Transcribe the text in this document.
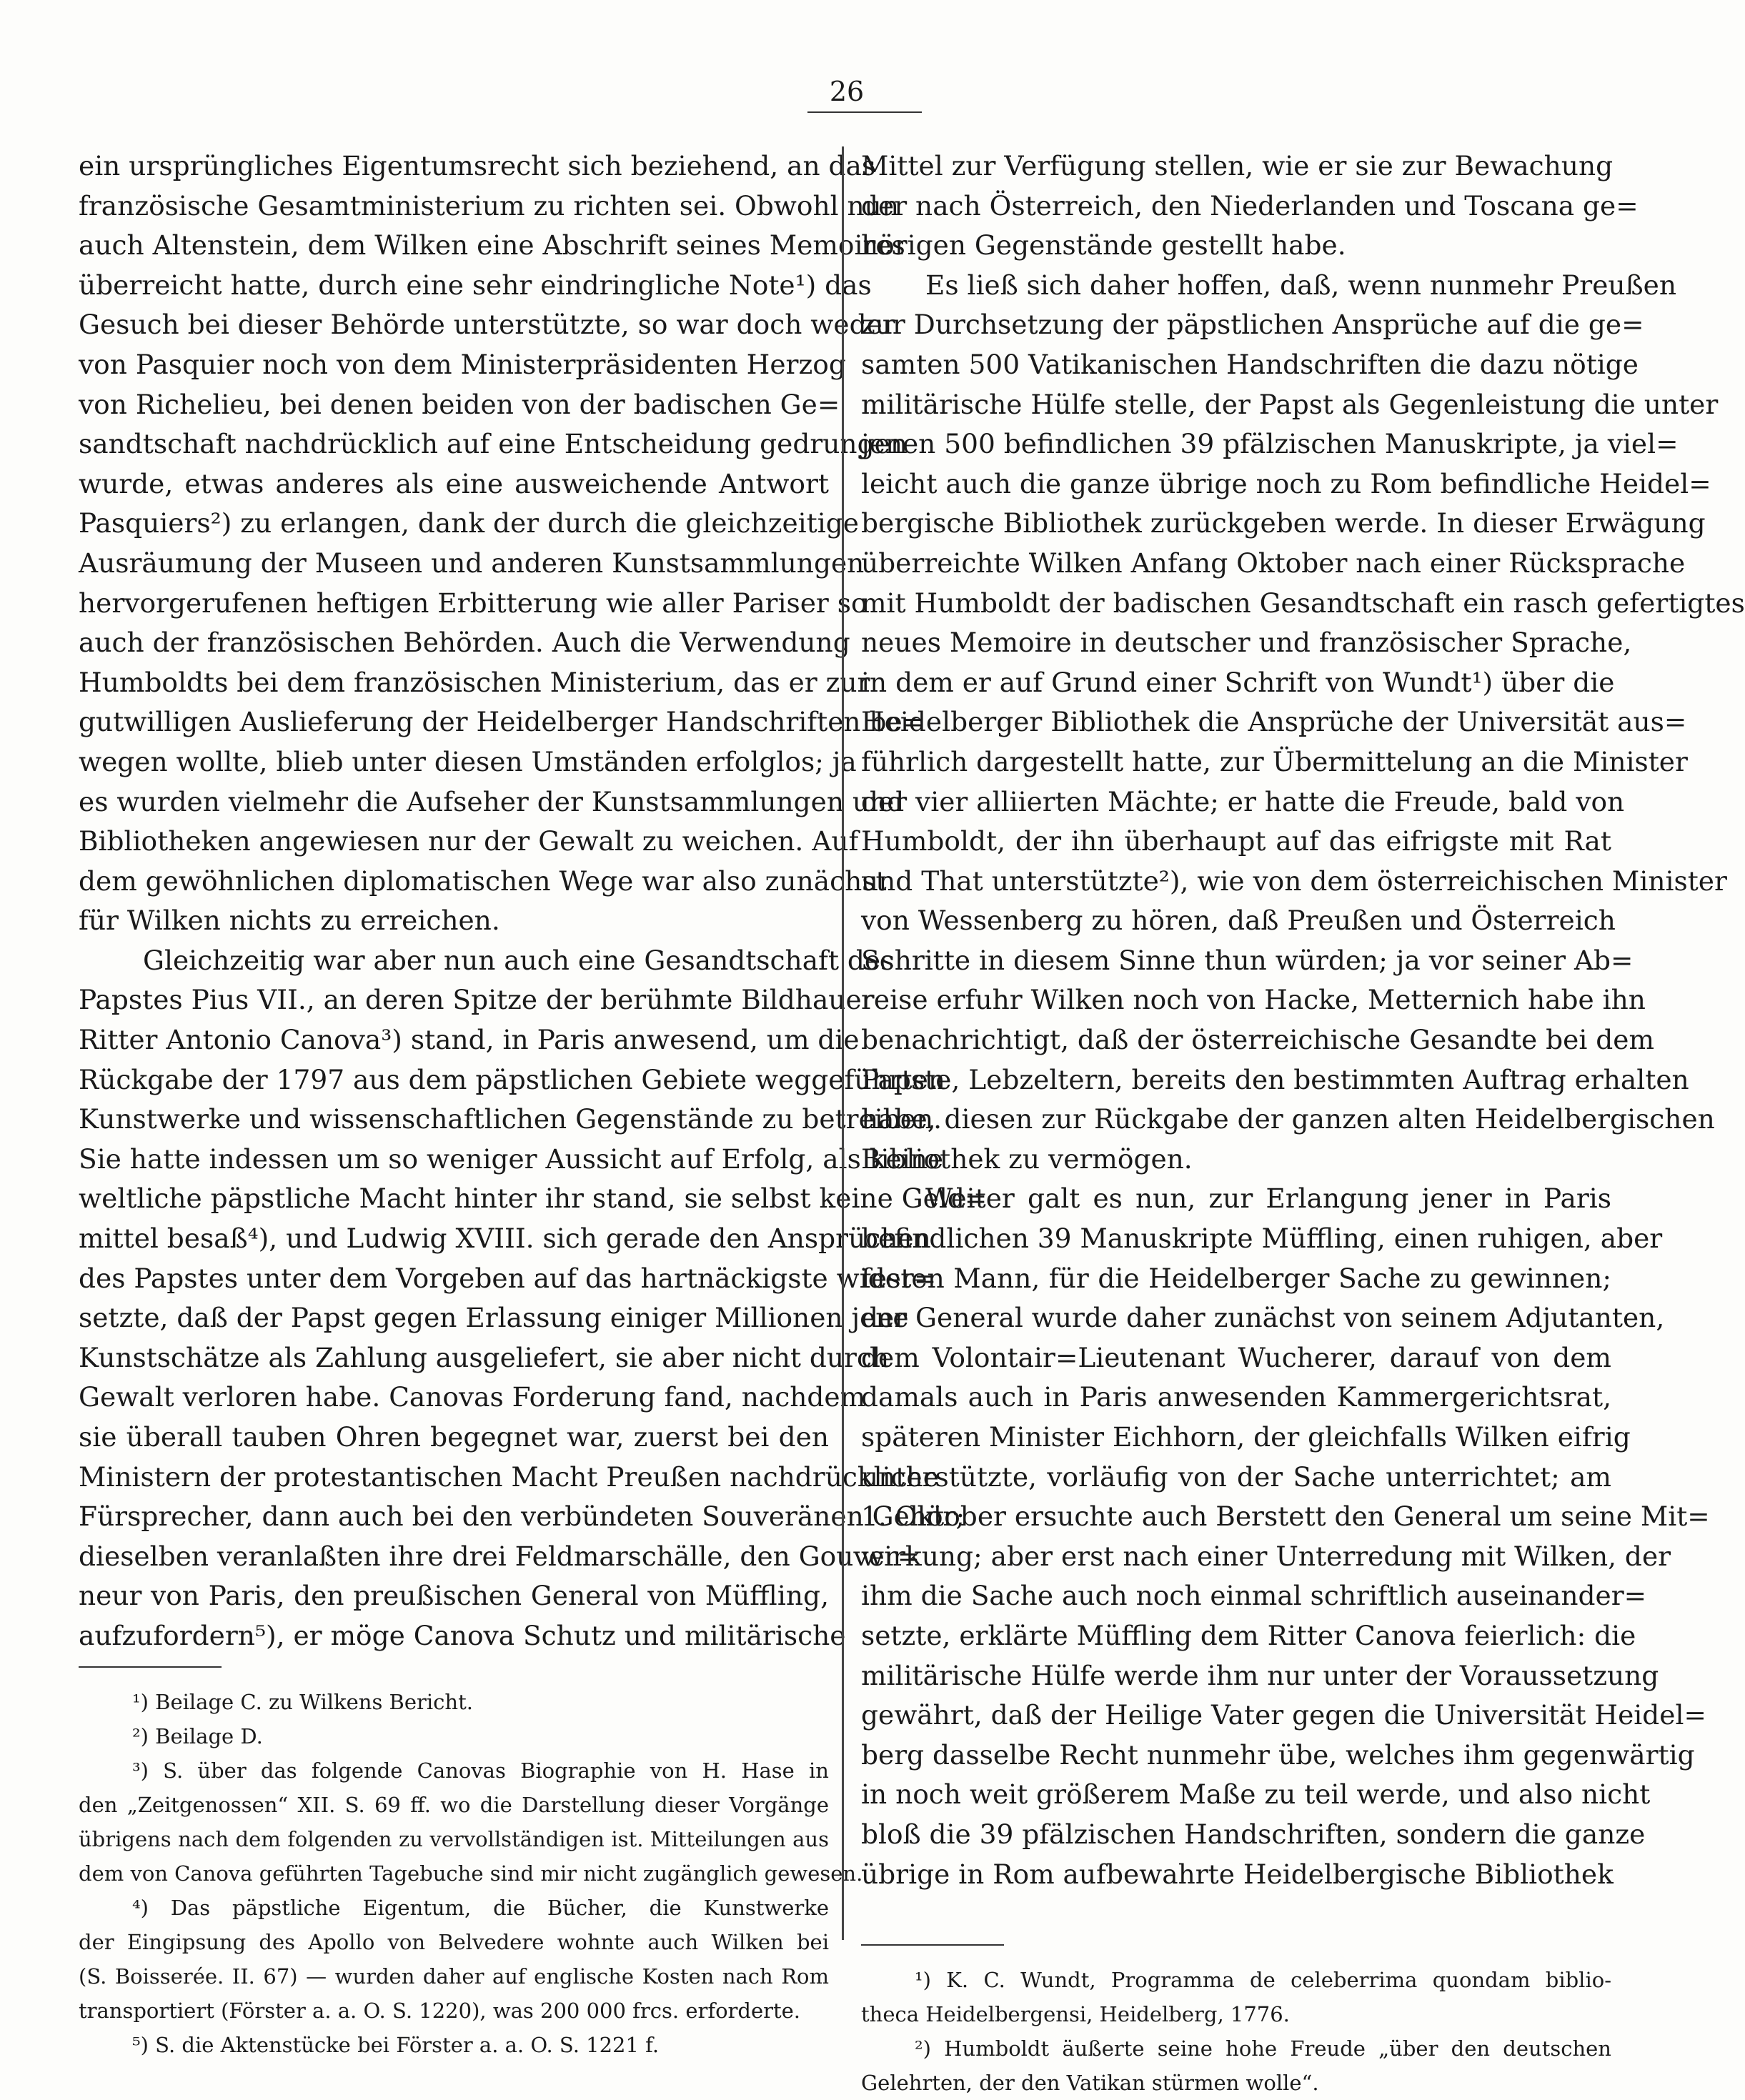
26
ein ursprüngliches Eigentumsrecht sich beziehend, an das
französische Gesamtministerium zu richten sei. Obwohl nun
auch Altenstein, dem Wilken eine Abschrift seines Memoires
überreicht hatte, durch eine sehr eindringliche Note¹) das
Gesuch bei dieser Behörde unterstützte, so war doch weder
von Pasquier noch von dem Ministerpräsidenten Herzog
von Richelieu, bei denen beiden von der badischen Ge=
sandtschaft nachdrücklich auf eine Entscheidung gedrungen
wurde, etwas anderes als eine ausweichende Antwort
Pasquiers²) zu erlangen, dank der durch die gleichzeitige
Ausräumung der Museen und anderen Kunstsammlungen
hervorgerufenen heftigen Erbitterung wie aller Pariser so
auch der französischen Behörden. Auch die Verwendung
Humboldts bei dem französischen Ministerium, das er zur
gutwilligen Auslieferung der Heidelberger Handschriften be=
wegen wollte, blieb unter diesen Umständen erfolglos; ja
es wurden vielmehr die Aufseher der Kunstsammlungen und
Bibliotheken angewiesen nur der Gewalt zu weichen. Auf
dem gewöhnlichen diplomatischen Wege war also zunächst
für Wilken nichts zu erreichen.
Gleichzeitig war aber nun auch eine Gesandtschaft des
Papstes Pius VII., an deren Spitze der berühmte Bildhauer
Ritter Antonio Canova³) stand, in Paris anwesend, um die
Rückgabe der 1797 aus dem päpstlichen Gebiete weggeführten
Kunstwerke und wissenschaftlichen Gegenstände zu betreiben.
Sie hatte indessen um so weniger Aussicht auf Erfolg, als keine
weltliche päpstliche Macht hinter ihr stand, sie selbst keine Geld=
mittel besaß⁴), und Ludwig XVIII. sich gerade den Ansprüchen
des Papstes unter dem Vorgeben auf das hartnäckigste wider=
setzte, daß der Papst gegen Erlassung einiger Millionen jene
Kunstschätze als Zahlung ausgeliefert, sie aber nicht durch
Gewalt verloren habe. Canovas Forderung fand, nachdem
sie überall tauben Ohren begegnet war, zuerst bei den
Ministern der protestantischen Macht Preußen nachdrückliche
Fürsprecher, dann auch bei den verbündeten Souveränen Gehör;
dieselben veranlaßten ihre drei Feldmarschälle, den Gouver=
neur von Paris, den preußischen General von Müffling,
aufzufordern⁵), er möge Canova Schutz und militärische
¹) Beilage C. zu Wilkens Bericht.
²) Beilage D.
³) S. über das folgende Canovas Biographie von H. Hase in
den „Zeitgenossen“ XII. S. 69 ff. wo die Darstellung dieser Vorgänge
übrigens nach dem folgenden zu vervollständigen ist. Mitteilungen aus
dem von Canova geführten Tagebuche sind mir nicht zugänglich gewesen.
⁴) Das päpstliche Eigentum, die Bücher, die Kunstwerke
der Eingipsung des Apollo von Belvedere wohnte auch Wilken bei
(S. Boisserée. II. 67) — wurden daher auf englische Kosten nach Rom
transportiert (Förster a. a. O. S. 1220), was 200 000 frcs. erforderte.
⁵) S. die Aktenstücke bei Förster a. a. O. S. 1221 f.
Mittel zur Verfügung stellen, wie er sie zur Bewachung
der nach Österreich, den Niederlanden und Toscana ge=
hörigen Gegenstände gestellt habe.
Es ließ sich daher hoffen, daß, wenn nunmehr Preußen
zur Durchsetzung der päpstlichen Ansprüche auf die ge=
samten 500 Vatikanischen Handschriften die dazu nötige
militärische Hülfe stelle, der Papst als Gegenleistung die unter
jenen 500 befindlichen 39 pfälzischen Manuskripte, ja viel=
leicht auch die ganze übrige noch zu Rom befindliche Heidel=
bergische Bibliothek zurückgeben werde. In dieser Erwägung
überreichte Wilken Anfang Oktober nach einer Rücksprache
mit Humboldt der badischen Gesandtschaft ein rasch gefertigtes
neues Memoire in deutscher und französischer Sprache,
in dem er auf Grund einer Schrift von Wundt¹) über die
Heidelberger Bibliothek die Ansprüche der Universität aus=
führlich dargestellt hatte, zur Übermittelung an die Minister
der vier alliierten Mächte; er hatte die Freude, bald von
Humboldt, der ihn überhaupt auf das eifrigste mit Rat
und That unterstützte²), wie von dem österreichischen Minister
von Wessenberg zu hören, daß Preußen und Österreich
Schritte in diesem Sinne thun würden; ja vor seiner Ab=
reise erfuhr Wilken noch von Hacke, Metternich habe ihn
benachrichtigt, daß der österreichische Gesandte bei dem
Papste, Lebzeltern, bereits den bestimmten Auftrag erhalten
habe, diesen zur Rückgabe der ganzen alten Heidelbergischen
Bibliothek zu vermögen.
Weiter galt es nun, zur Erlangung jener in Paris
befindlichen 39 Manuskripte Müffling, einen ruhigen, aber
festen Mann, für die Heidelberger Sache zu gewinnen;
der General wurde daher zunächst von seinem Adjutanten,
dem Volontair=Lieutenant Wucherer, darauf von dem
damals auch in Paris anwesenden Kammergerichtsrat,
späteren Minister Eichhorn, der gleichfalls Wilken eifrig
unterstützte, vorläufig von der Sache unterrichtet; am
1. Oktober ersuchte auch Berstett den General um seine Mit=
wirkung; aber erst nach einer Unterredung mit Wilken, der
ihm die Sache auch noch einmal schriftlich auseinander=
setzte, erklärte Müffling dem Ritter Canova feierlich: die
militärische Hülfe werde ihm nur unter der Voraussetzung
gewährt, daß der Heilige Vater gegen die Universität Heidel=
berg dasselbe Recht nunmehr übe, welches ihm gegenwärtig
in noch weit größerem Maße zu teil werde, und also nicht
bloß die 39 pfälzischen Handschriften, sondern die ganze
übrige in Rom aufbewahrte Heidelbergische Bibliothek
¹) K. C. Wundt, Programma de celeberrima quondam biblio-
theca Heidelbergensi, Heidelberg, 1776.
²) Humboldt äußerte seine hohe Freude „über den deutschen
Gelehrten, der den Vatikan stürmen wolle“.
